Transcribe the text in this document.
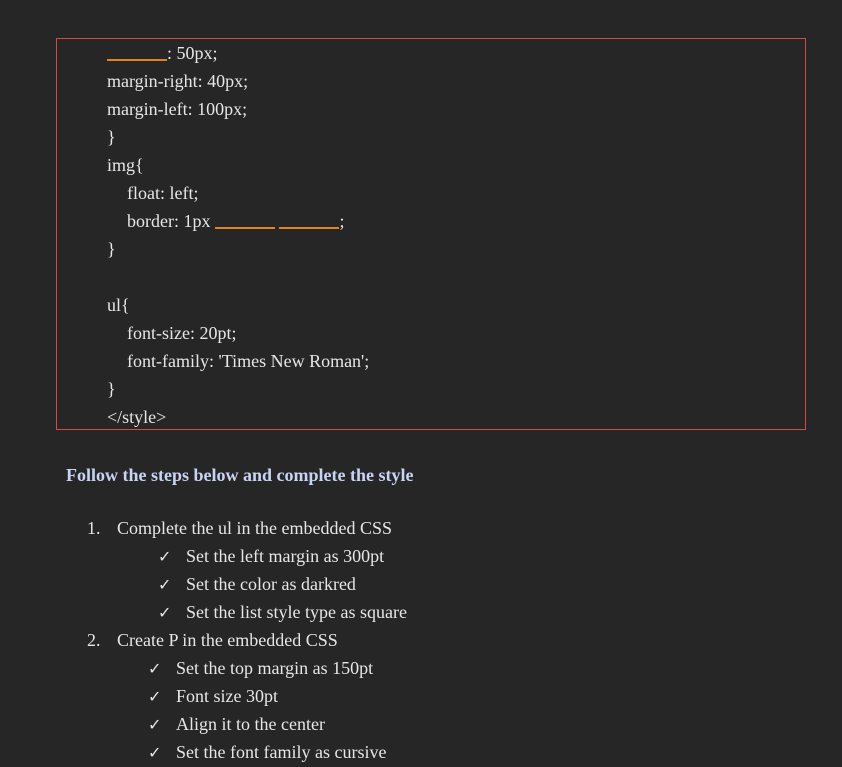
: 50px;
margin-right: 40px;
margin-left: 100px;
}
img{
float: left;
border: 1px	;
}
ul{
font-size: 20pt;
font-family: 'Times New Roman';
}
</style>
Follow the steps below and complete the style
1. Complete the ul in the embedded CSS
✓ Set the left margin as 300pt
✓ Set the color as darkred
✓ Set the list style type as square
2. Create P in the embedded CSS
✓ Set the top margin as 150pt
✓ Font size 30pt
✓ Align it to the center
✓ Set the font family as cursive
